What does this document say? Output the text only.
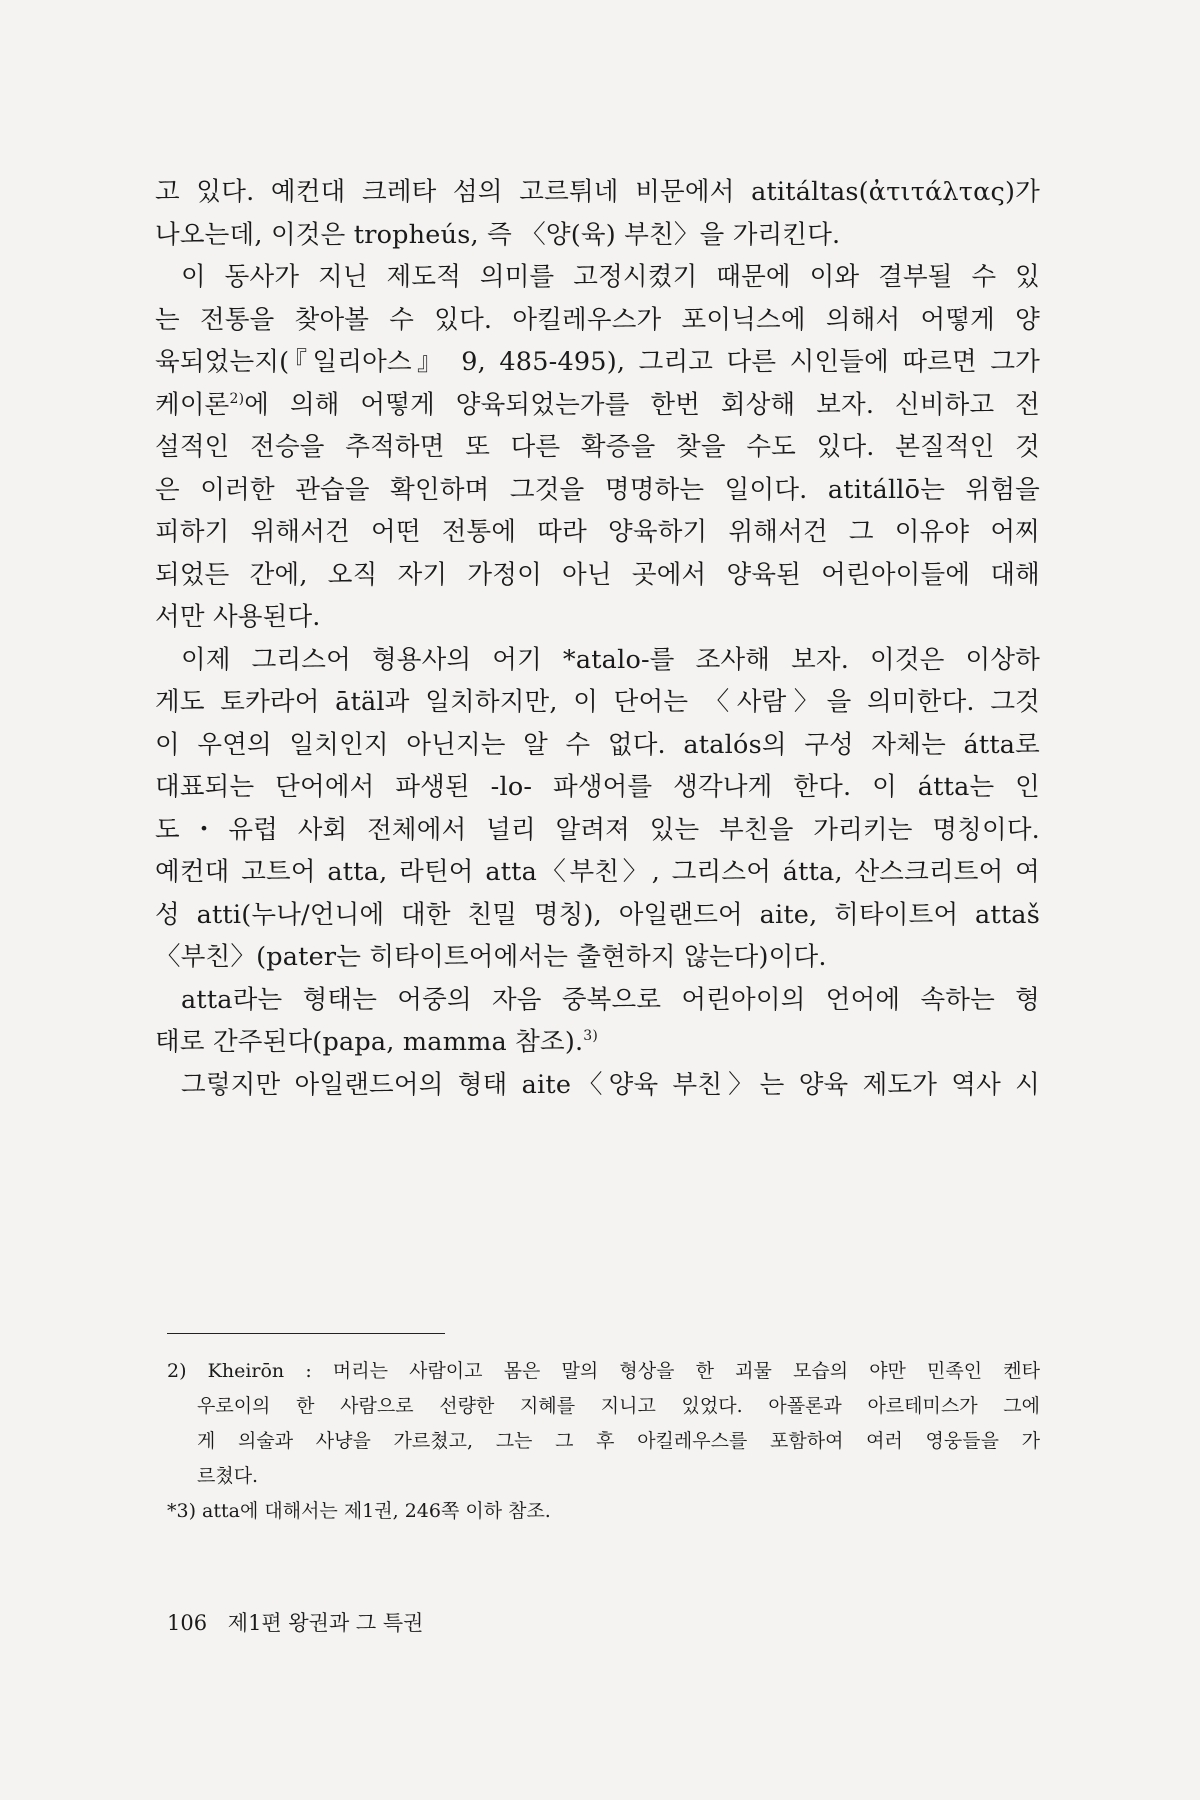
고 있다. 예컨대 크레타 섬의 고르튀네 비문에서 atitáltas(ἀτιτάλτας)가
나오는데, 이것은 tropheús, 즉 〈양(육) 부친〉을 가리킨다.
이 동사가 지닌 제도적 의미를 고정시켰기 때문에 이와 결부될 수 있
는 전통을 찾아볼 수 있다. 아킬레우스가 포이닉스에 의해서 어떻게 양
육되었는지(『일리아스』 9, 485-495), 그리고 다른 시인들에 따르면 그가
케이론$^{2)}$에 의해 어떻게 양육되었는가를 한번 회상해 보자. 신비하고 전
설적인 전승을 추적하면 또 다른 확증을 찾을 수도 있다. 본질적인 것
은 이러한 관습을 확인하며 그것을 명명하는 일이다. atitállō는 위험을
피하기 위해서건 어떤 전통에 따라 양육하기 위해서건 그 이유야 어찌
되었든 간에, 오직 자기 가정이 아닌 곳에서 양육된 어린아이들에 대해
서만 사용된다.
이제 그리스어 형용사의 어기 *atalo-를 조사해 보자. 이것은 이상하
게도 토카라어 ātäl과 일치하지만, 이 단어는 〈사람〉을 의미한다. 그것
이 우연의 일치인지 아닌지는 알 수 없다. atalós의 구성 자체는 átta로
대표되는 단어에서 파생된 -lo- 파생어를 생각나게 한다. 이 átta는 인
도・유럽 사회 전체에서 널리 알려져 있는 부친을 가리키는 명칭이다.
예컨대 고트어 atta, 라틴어 atta〈부친〉, 그리스어 átta, 산스크리트어 여
성 atti(누나/언니에 대한 친밀 명칭), 아일랜드어 aite, 히타이트어 attaš
〈부친〉(pater는 히타이트어에서는 출현하지 않는다)이다.
atta라는 형태는 어중의 자음 중복으로 어린아이의 언어에 속하는 형
태로 간주된다(papa, mamma 참조).$^{3)}$
그렇지만 아일랜드어의 형태 aite〈양육 부친〉는 양육 제도가 역사 시
2) Kheirōn : 머리는 사람이고 몸은 말의 형상을 한 괴물 모습의 야만 민족인 켄타
우로이의 한 사람으로 선량한 지혜를 지니고 있었다. 아폴론과 아르테미스가 그에
게 의술과 사냥을 가르쳤고, 그는 그 후 아킬레우스를 포함하여 여러 영웅들을 가
르쳤다.
*3) atta에 대해서는 제1권, 246쪽 이하 참조.
106 제1편 왕권과 그 특권
